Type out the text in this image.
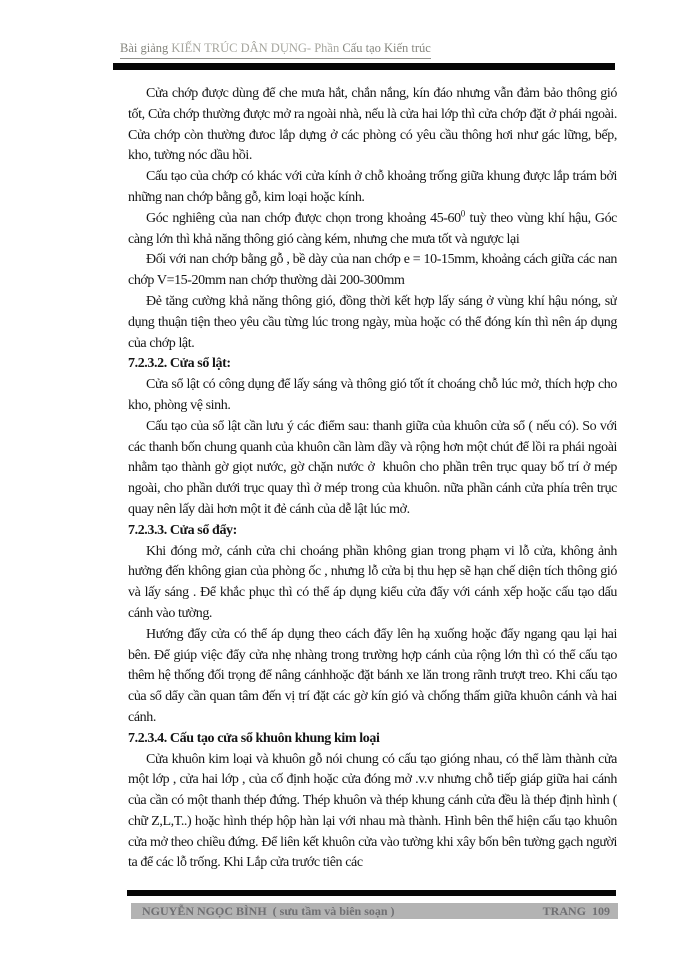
Bài giảng KIẾN TRÚC DÂN DỤNG- Phần Cấu tạo Kiến trúc

Cửa chớp được dùng để che mưa hắt, chắn nắng, kín đáo nhưng vẫn đảm bảo thông gió tốt, Cửa chớp thường được mở ra ngoài nhà, nếu là cửa hai lớp thì cửa chớp đặt ở phái ngoài. Cửa chớp còn thường đưoc lắp dựng ở các phòng có yêu cầu thông hơi như gác lững, bếp, kho, tường nóc dầu hồi.

Cấu tạo của chớp có khác với cửa kính ở chỗ khoảng trống giữa khung được lắp trám bởi những nan chớp bằng gỗ, kim loại hoặc kính.

Góc nghiêng của nan chớp được chọn trong khoảng $45-60^0$ tuỳ theo vùng khí hậu, Góc càng lớn thì khả năng thông gió càng kém, nhưng che mưa tốt và ngược lại

Đối với nan chớp bằng gỗ , bề dày của nan chớp e = 10-15mm, khoảng cách giữa các nan chớp V=15-20mm nan chớp thường dài 200-300mm

Đẻ tăng cường khả năng thông gió, đồng thời kết hợp lấy sáng ở vùng khí hậu nóng, sử dụng thuận tiện theo yêu cầu từng lúc trong ngày, mùa hoặc có thể đóng kín thì nên áp dụng của chớp lật.

7.2.3.2. Cửa sổ lật:

Cửa sổ lật có công dụng để lấy sáng và thông gió tốt ít choáng chỗ lúc mở, thích hợp cho kho, phòng vệ sinh.

Cấu tạo của sổ lật cần lưu ý các điểm sau: thanh giữa của khuôn cửa sổ ( nếu có). So với các thanh bốn chung quanh của khuôn cần làm dầy và rộng hơn một chút để lồi ra phái ngoài nhằm tạo thành gờ giọt nước, gờ chặn nước ở  khuôn cho phần trên trục quay bố trí ở mép ngoài, cho phần dưới trục quay thì ở mép trong của khuôn. nữa phần cánh cửa phía trên trục quay nên lấy dài hơn một it đẻ cánh của dễ lật lúc mở.

7.2.3.3. Cửa sổ đẩy:

Khi đóng mở, cánh cửa chi choáng phần không gian trong phạm vi lỗ cửa, không ảnh hưởng đến không gian của phòng ốc , nhưng lỗ cửa bị thu hẹp sẽ hạn chế diện tích thông gió và lấy sáng . Để khắc phục thì có thể áp dụng kiểu cửa đẩy với cánh xếp hoặc cấu tạo dấu cánh vào tường.

Hướng đẩy cửa có thể áp dụng theo cách đẩy lên hạ xuống hoặc đẩy ngang qau lại hai bên. Để giúp việc đẩy cửa nhẹ nhàng trong trường hợp cánh của rộng lớn thì có thể cấu tạo thêm hệ thống đối trọng để nâng cánhhoặc đặt bánh xe lăn trong rãnh trượt treo. Khi cấu tạo của sổ dẩy cần quan tâm đến vị trí đặt các gờ kín gió và chống thấm giữa khuôn cánh và hai cánh.

7.2.3.4. Cấu tạo cửa sổ khuôn khung kim loại

Cửa khuôn kim loại và khuôn gỗ nói chung có cấu tạo gióng nhau, có thể làm thành cửa một lớp , cửa hai lớp , của cố định hoặc cửa đóng mở .v.v nhưng chỗ tiếp giáp giữa hai cánh của cần có một thanh thép đứng. Thép khuôn và thép khung cánh cửa đều là thép định hình ( chữ Z,L,T..) hoặc hình thép hộp hàn lại với nhau mà thành. Hình bên thể hiện cấu tạo khuôn cửa mở theo chiều đứng. Để liên kết khuôn cửa vào tường khi xây bốn bên tường gạch người ta để các lỗ trống. Khi Lắp cửa trước tiên các

NGUYỄN NGỌC BÌNH  ( sưu tầm và biên soạn )	TRANG  109
